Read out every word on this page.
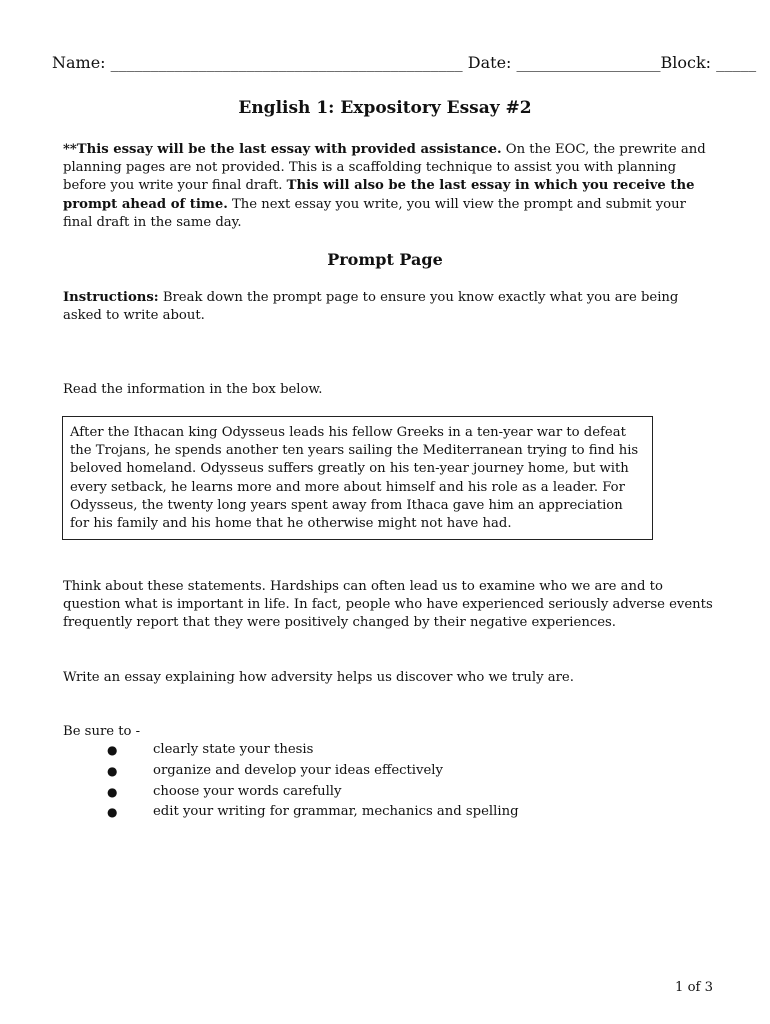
Name: ____________________________________________ Date: __________________Block: _____
English 1: Expository Essay #2
**This essay will be the last essay with provided assistance. On the EOC, the prewrite and planning pages are not provided. This is a scaffolding technique to assist you with planning before you write your final draft. This will also be the last essay in which you receive the prompt ahead of time. The next essay you write, you will view the prompt and submit your final draft in the same day.
Prompt Page
Instructions: Break down the prompt page to ensure you know exactly what you are being asked to write about.
Read the information in the box below.
After the Ithacan king Odysseus leads his fellow Greeks in a ten-year war to defeat the Trojans, he spends another ten years sailing the Mediterranean trying to find his beloved homeland. Odysseus suffers greatly on his ten-year journey home, but with every setback, he learns more and more about himself and his role as a leader. For Odysseus, the twenty long years spent away from Ithaca gave him an appreciation for his family and his home that he otherwise might not have had.
Think about these statements. Hardships can often lead us to examine who we are and to question what is important in life. In fact, people who have experienced seriously adverse events frequently report that they were positively changed by their negative experiences.
Write an essay explaining how adversity helps us discover who we truly are.
Be sure to -
●	clearly state your thesis
●	organize and develop your ideas effectively
●	choose your words carefully
●	edit your writing for grammar, mechanics and spelling
1 of 3
